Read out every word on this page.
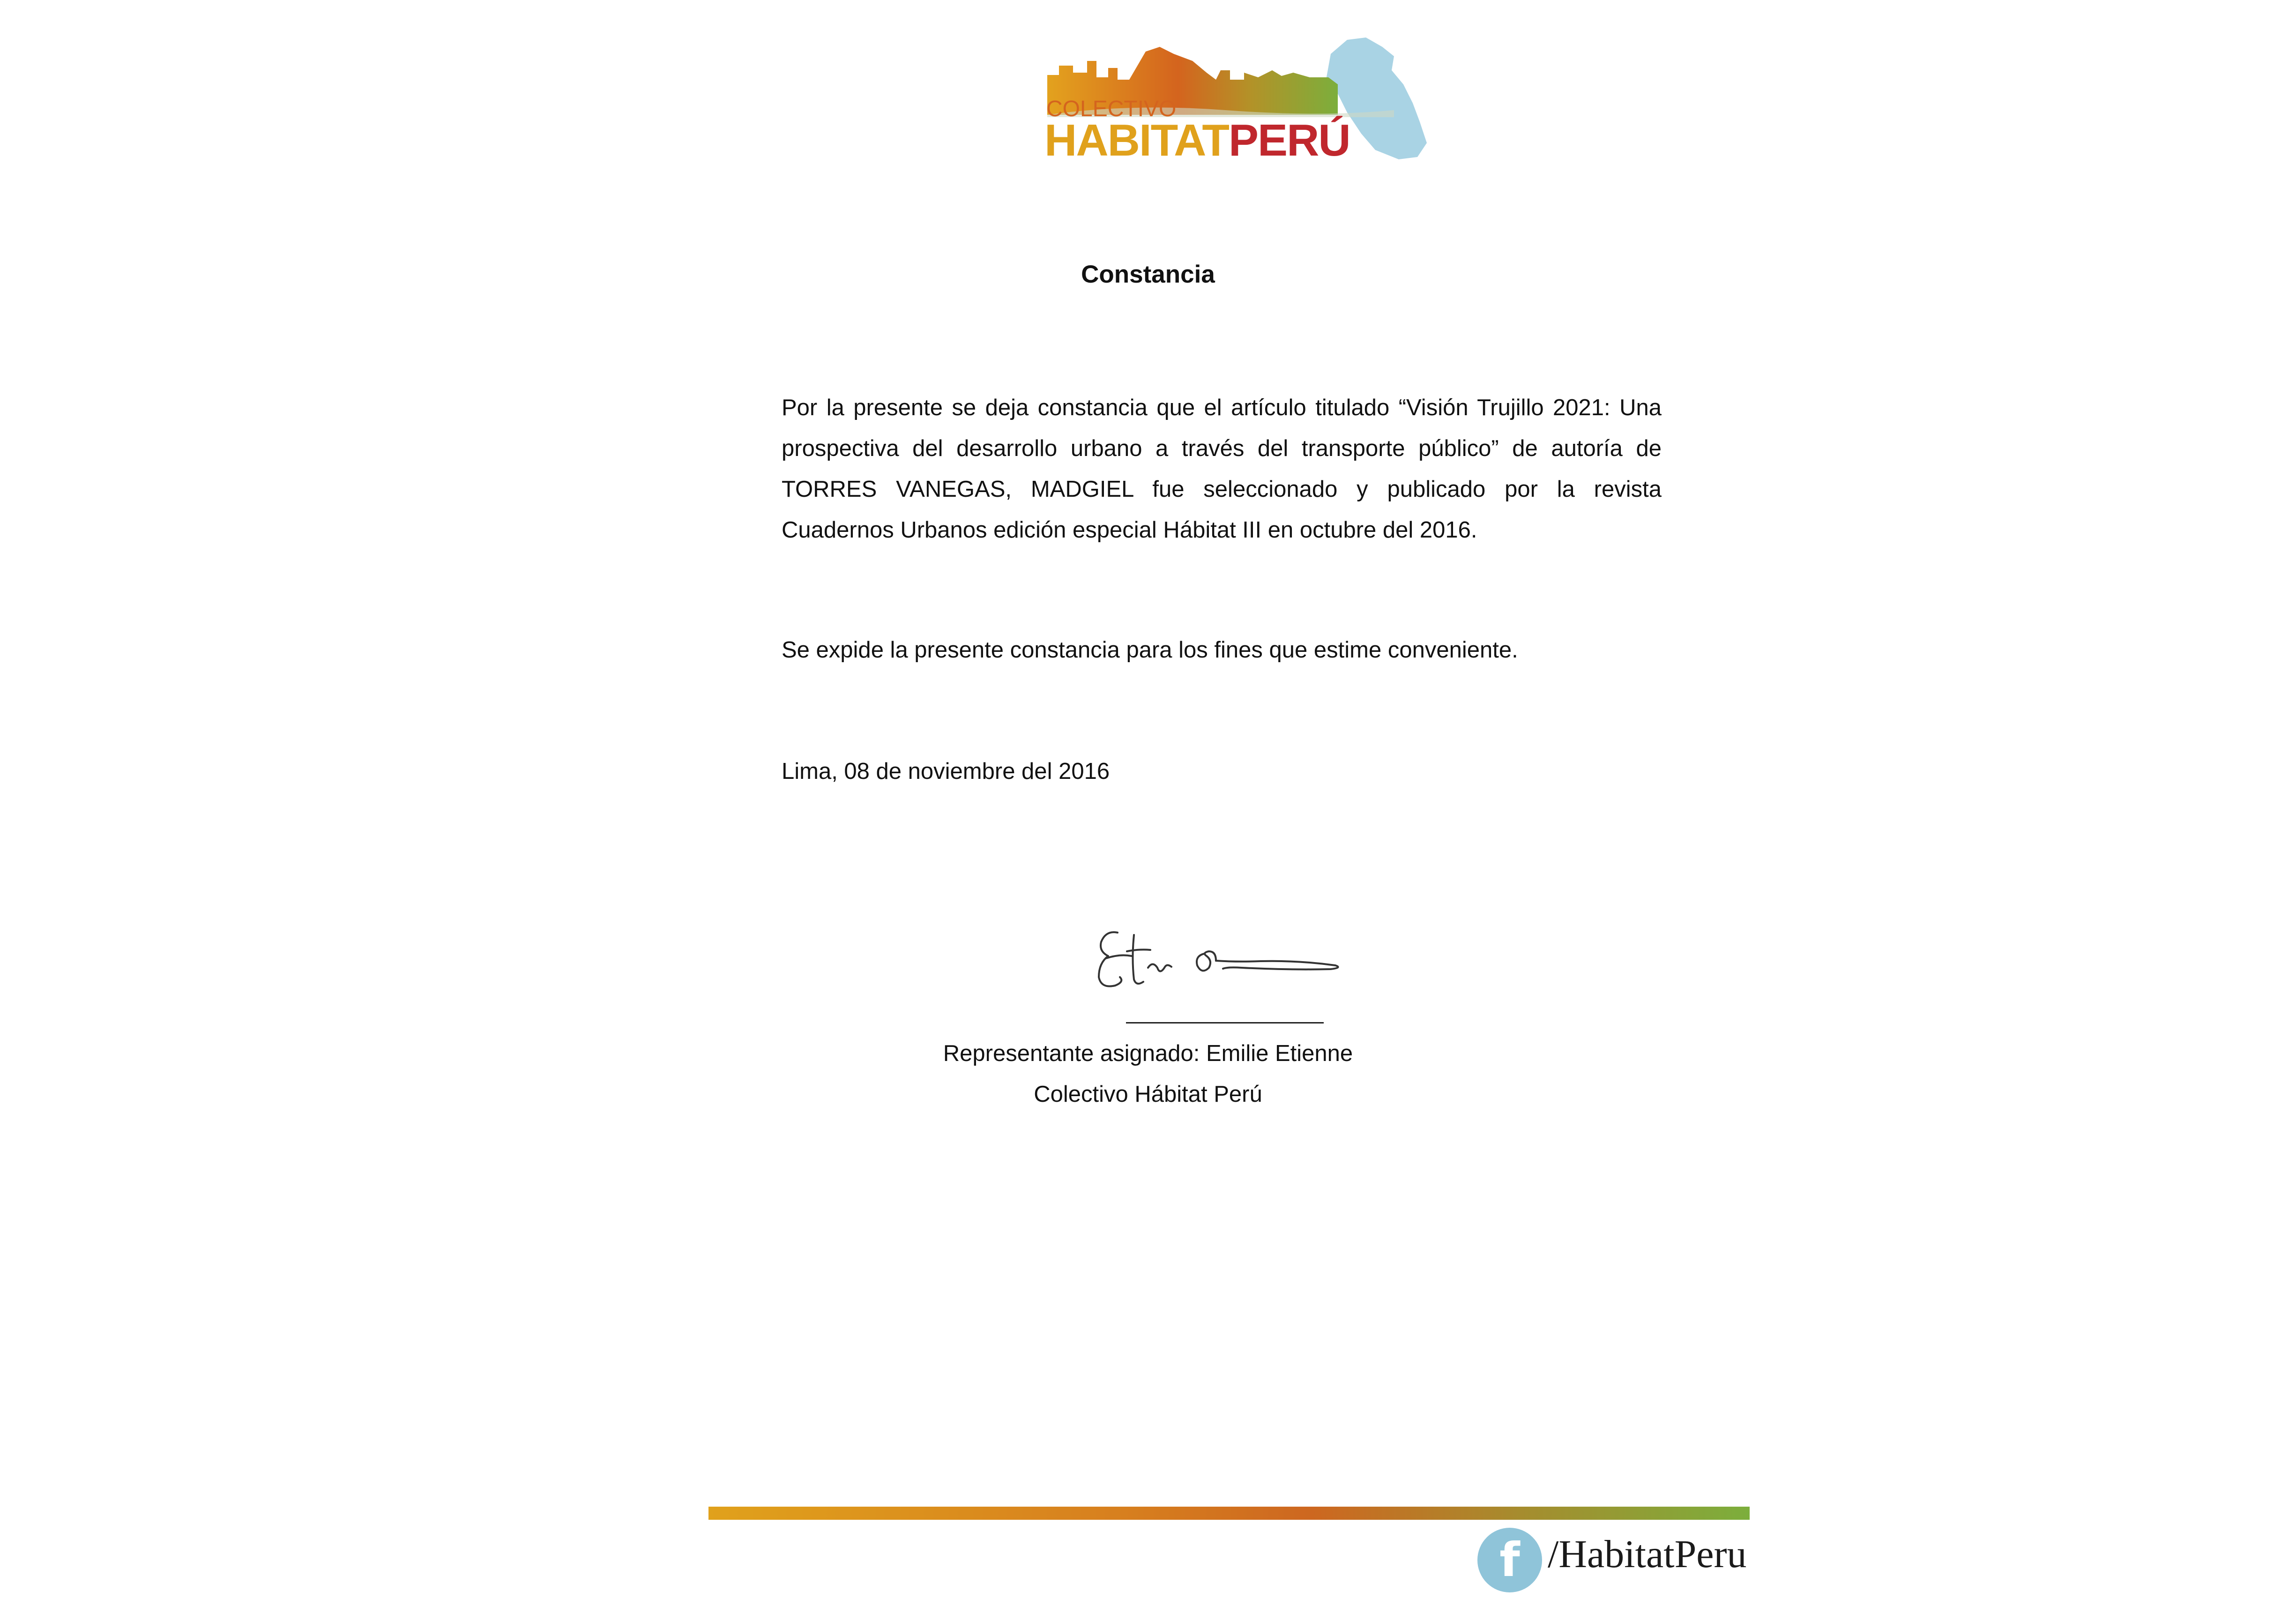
COLECTIVO
HABITATPERÚ
Constancia
Por la presente se deja constancia que el artículo titulado “Visión Trujillo 2021: Una prospectiva del desarrollo urbano a través del transporte público” de autoría de TORRES VANEGAS, MADGIEL fue seleccionado y publicado por la revista Cuadernos Urbanos edición especial Hábitat III en octubre del 2016.
Se expide la presente constancia para los fines que estime conveniente.
Lima, 08 de noviembre del 2016
Representante asignado: Emilie Etienne
Colectivo Hábitat Perú
f /HabitatPeru
